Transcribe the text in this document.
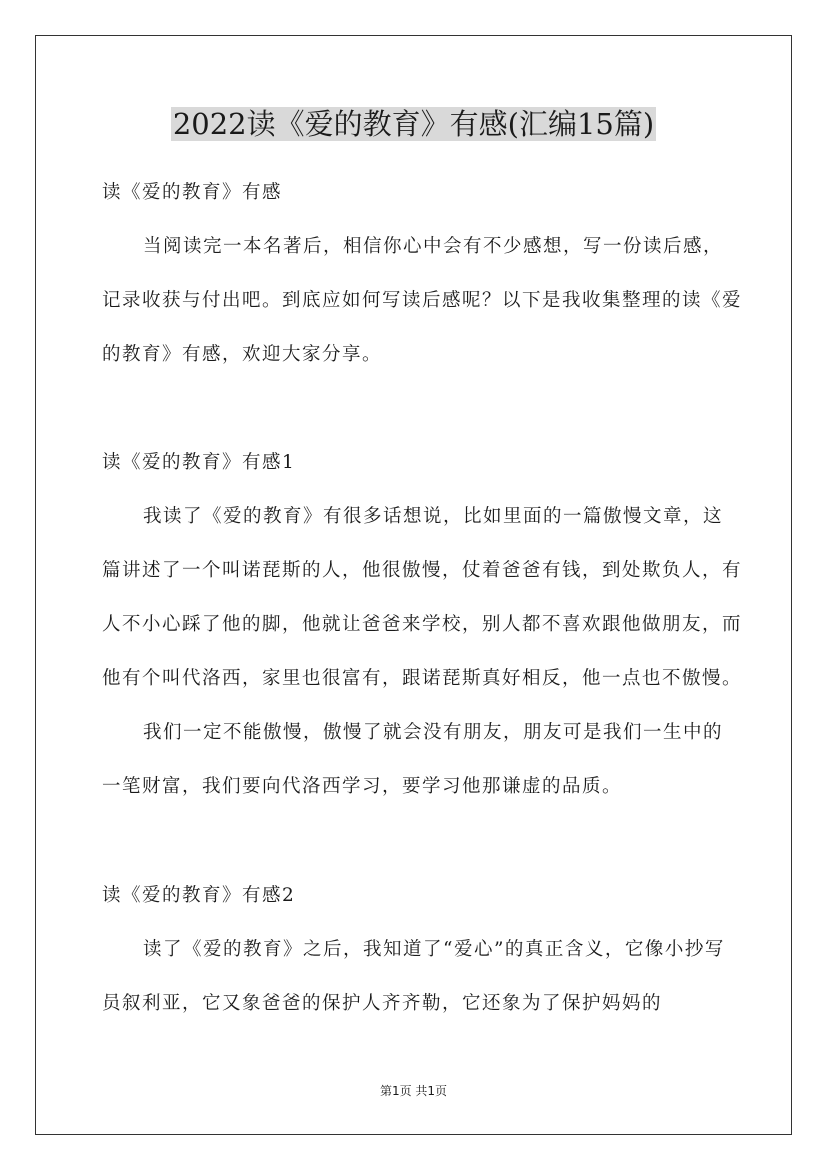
2022读《爱的教育》有感(汇编15篇)

读《爱的教育》有感

当阅读完一本名著后，相信你心中会有不少感想，写一份读后感，记录收获与付出吧。到底应如何写读后感呢？以下是我收集整理的读《爱的教育》有感，欢迎大家分享。

读《爱的教育》有感1

我读了《爱的教育》有很多话想说，比如里面的一篇傲慢文章，这篇讲述了一个叫诺琵斯的人，他很傲慢，仗着爸爸有钱，到处欺负人，有人不小心踩了他的脚，他就让爸爸来学校，别人都不喜欢跟他做朋友，而他有个叫代洛西，家里也很富有，跟诺琵斯真好相反，他一点也不傲慢。

我们一定不能傲慢，傲慢了就会没有朋友，朋友可是我们一生中的一笔财富，我们要向代洛西学习，要学习他那谦虚的品质。

读《爱的教育》有感2

读了《爱的教育》之后，我知道了“爱心”的真正含义，它像小抄写员叙利亚，它又象爸爸的保护人齐齐勒，它还象为了保护妈妈的

第1页 共1页
